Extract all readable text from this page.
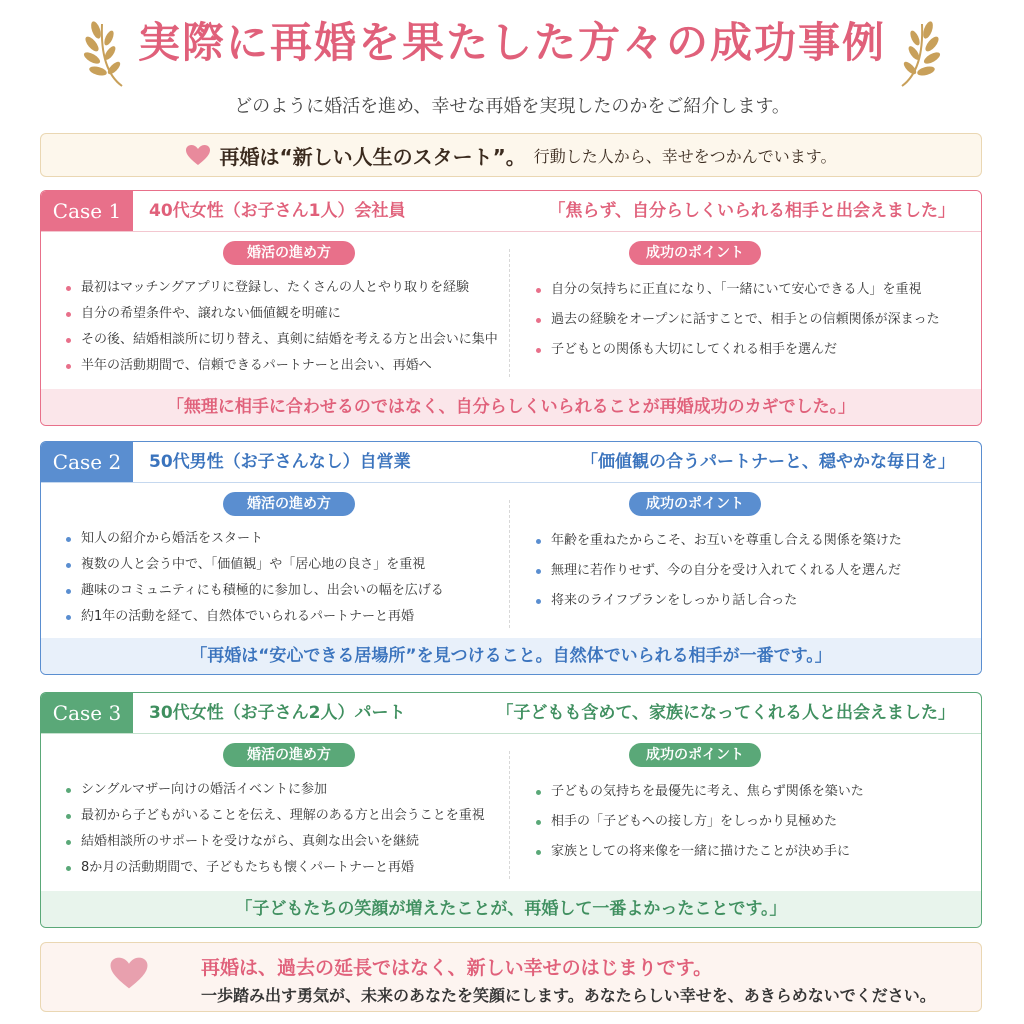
実際に再婚を果たした方々の成功事例
どのように婚活を進め、幸せな再婚を実現したのかをご紹介します。
再婚は“新しい人生のスタート”。 行動した人から、幸せをつかんでいます。
Case 1	40代女性（お子さん1人）会社員	「焦らず、自分らしくいられる相手と出会えました」
婚活の進め方
最初はマッチングアプリに登録し、たくさんの人とやり取りを経験
自分の希望条件や、譲れない価値観を明確に
その後、結婚相談所に切り替え、真剣に結婚を考える方と出会いに集中
半年の活動期間で、信頼できるパートナーと出会い、再婚へ
成功のポイント
自分の気持ちに正直になり、「一緒にいて安心できる人」を重視
過去の経験をオープンに話すことで、相手との信頼関係が深まった
子どもとの関係も大切にしてくれる相手を選んだ
「無理に相手に合わせるのではなく、自分らしくいられることが再婚成功のカギでした。」
Case 2	50代男性（お子さんなし）自営業	「価値観の合うパートナーと、穏やかな毎日を」
婚活の進め方
知人の紹介から婚活をスタート
複数の人と会う中で、「価値観」や「居心地の良さ」を重視
趣味のコミュニティにも積極的に参加し、出会いの幅を広げる
約1年の活動を経て、自然体でいられるパートナーと再婚
成功のポイント
年齢を重ねたからこそ、お互いを尊重し合える関係を築けた
無理に若作りせず、今の自分を受け入れてくれる人を選んだ
将来のライフプランをしっかり話し合った
「再婚は“安心できる居場所”を見つけること。自然体でいられる相手が一番です。」
Case 3	30代女性（お子さん2人）パート	「子どもも含めて、家族になってくれる人と出会えました」
婚活の進め方
シングルマザー向けの婚活イベントに参加
最初から子どもがいることを伝え、理解のある方と出会うことを重視
結婚相談所のサポートを受けながら、真剣な出会いを継続
8か月の活動期間で、子どもたちも懐くパートナーと再婚
成功のポイント
子どもの気持ちを最優先に考え、焦らず関係を築いた
相手の「子どもへの接し方」をしっかり見極めた
家族としての将来像を一緒に描けたことが決め手に
「子どもたちの笑顔が増えたことが、再婚して一番よかったことです。」
再婚は、過去の延長ではなく、新しい幸せのはじまりです。
一歩踏み出す勇気が、未来のあなたを笑顔にします。あなたらしい幸せを、あきらめないでください。
